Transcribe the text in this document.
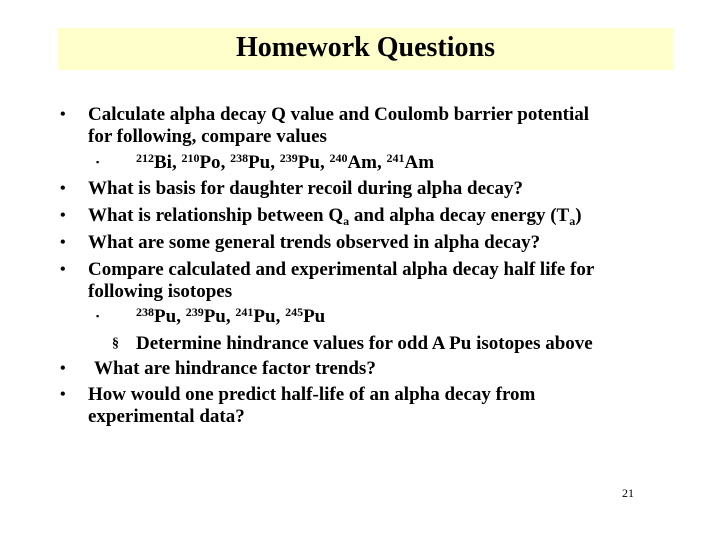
Homework Questions
• Calculate alpha decay Q value and Coulomb barrier potential
for following, compare values
▪	$^{212}$Bi, $^{210}$Po, $^{238}$Pu, $^{239}$Pu, $^{240}$Am, $^{241}$Am
• What is basis for daughter recoil during alpha decay?
• What is relationship between $Q_a$ and alpha decay energy $(T_a)$
• What are some general trends observed in alpha decay?
• Compare calculated and experimental alpha decay half life for
following isotopes
▪	$^{238}$Pu, $^{239}$Pu, $^{241}$Pu, $^{245}$Pu
§ Determine hindrance values for odd A Pu isotopes above
• What are hindrance factor trends?
• How would one predict half-life of an alpha decay from
experimental data?
21
